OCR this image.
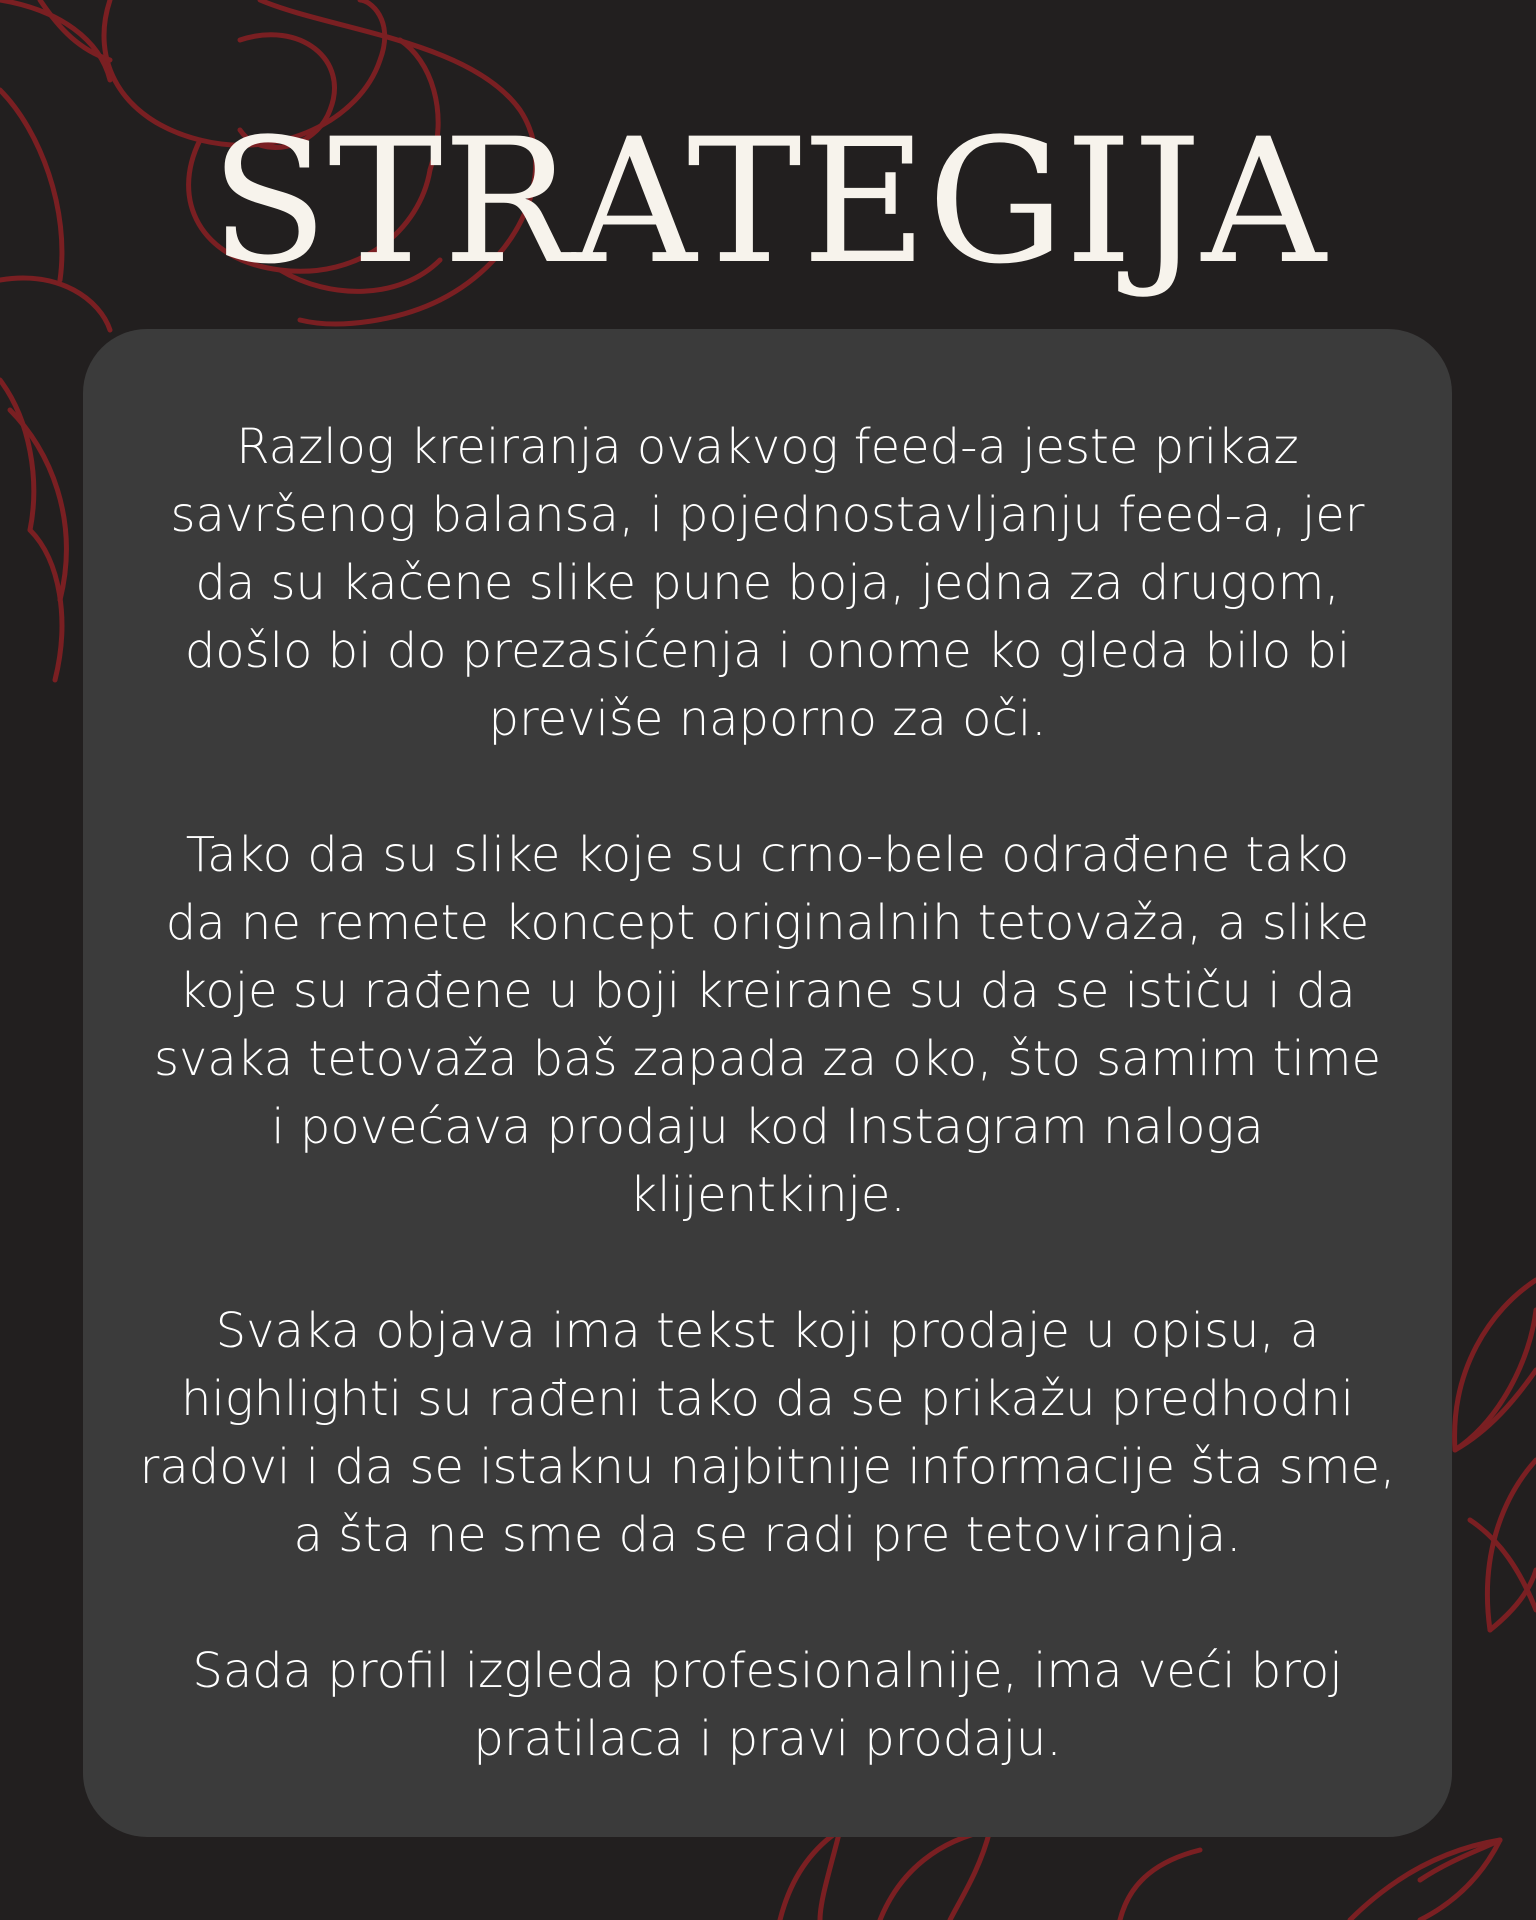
STRATEGIJA

Razlog kreiranja ovakvog feed-a jeste prikaz
savršenog balansa, i pojednostavljanju feed-a, jer
da su kačene slike pune boja, jedna za drugom,
došlo bi do prezasićenja i onome ko gleda bilo bi
previše naporno za oči.

Tako da su slike koje su crno-bele odrađene tako
da ne remete koncept originalnih tetovaža, a slike
koje su rađene u boji kreirane su da se ističu i da
svaka tetovaža baš zapada za oko, što samim time
i povećava prodaju kod Instagram naloga
klijentkinje.

Svaka objava ima tekst koji prodaje u opisu, a
highlighti su rađeni tako da se prikažu predhodni
radovi i da se istaknu najbitnije informacije šta sme,
a šta ne sme da se radi pre tetoviranja.

Sada profil izgleda profesionalnije, ima veći broj
pratilaca i pravi prodaju.
